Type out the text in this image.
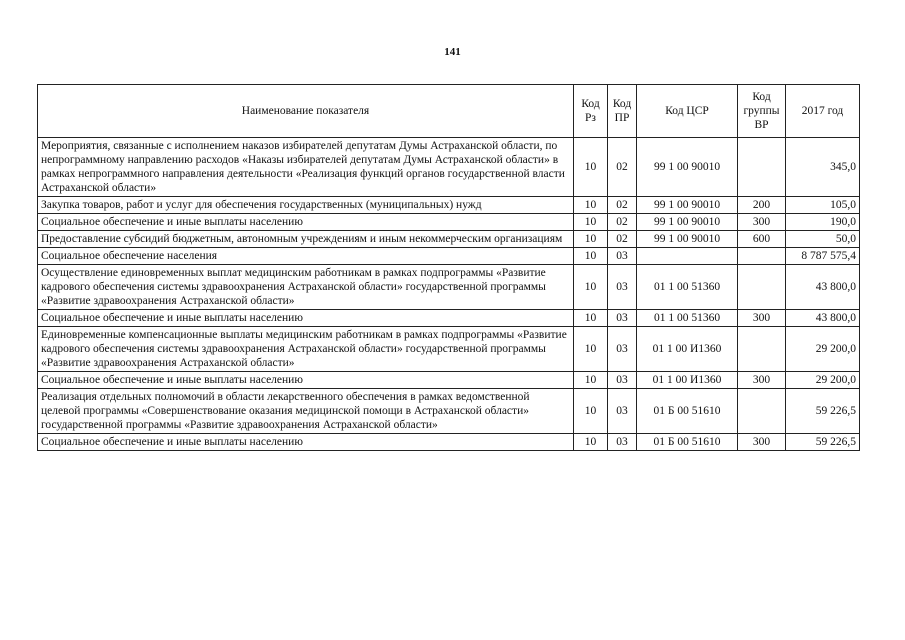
141
Наименование показателя	Код Рз	Код ПР	Код ЦСР	Код группы ВР	2017 год
Мероприятия, связанные с исполнением наказов избирателей депутатам Думы Астраханской области, по непрограммному направлению расходов «Наказы избирателей депутатам Думы Астраханской области» в рамках непрограммного направления деятельности «Реализация функций органов государственной власти Астраханской области»	10	02	99 1 00 90010		345,0
Закупка товаров, работ и услуг для обеспечения государственных (муниципальных) нужд	10	02	99 1 00 90010	200	105,0
Социальное обеспечение и иные выплаты населению	10	02	99 1 00 90010	300	190,0
Предоставление субсидий бюджетным, автономным учреждениям и иным некоммерческим организациям	10	02	99 1 00 90010	600	50,0
Социальное обеспечение населения	10	03			8 787 575,4
Осуществление единовременных выплат медицинским работникам в рамках подпрограммы «Развитие кадрового обеспечения системы здравоохранения Астраханской области» государственной программы «Развитие здравоохранения Астраханской области»	10	03	01 1 00 51360		43 800,0
Социальное обеспечение и иные выплаты населению	10	03	01 1 00 51360	300	43 800,0
Единовременные компенсационные выплаты медицинским работникам в рамках подпрограммы «Развитие кадрового обеспечения системы здравоохранения Астраханской области» государственной программы «Развитие здравоохранения Астраханской области»	10	03	01 1 00 И1360		29 200,0
Социальное обеспечение и иные выплаты населению	10	03	01 1 00 И1360	300	29 200,0
Реализация отдельных полномочий в области лекарственного обеспечения в рамках ведомственной целевой программы «Совершенствование оказания медицинской помощи в Астраханской области» государственной программы «Развитие здравоохранения Астраханской области»	10	03	01 Б 00 51610		59 226,5
Социальное обеспечение и иные выплаты населению	10	03	01 Б 00 51610	300	59 226,5
